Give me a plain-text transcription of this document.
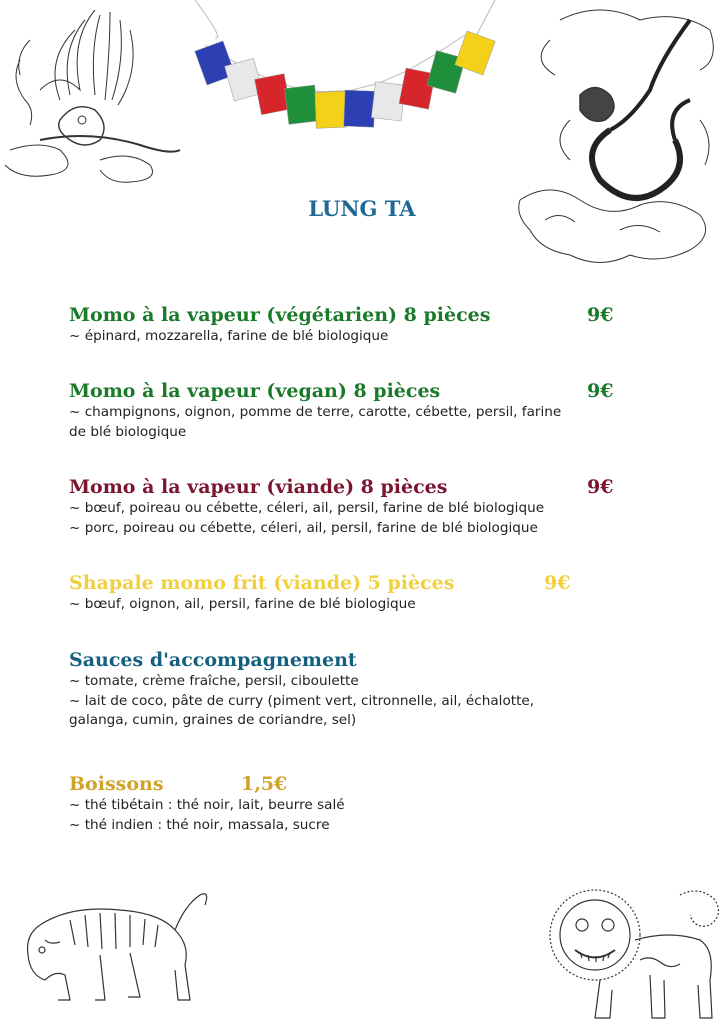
LUNG TA
Momo à la vapeur (végétarien) 8 pièces	9€

~ épinard, mozzarella, farine de blé biologique

Momo à la vapeur (vegan) 8 pièces	9€

~ champignons, oignon, pomme de terre, carotte, cébette, persil, farine
de blé biologique

Momo à la vapeur (viande) 8 pièces	9€

~ bœuf, poireau ou cébette, céleri, ail, persil, farine de blé biologique
~ porc, poireau ou cébette, céleri, ail, persil, farine de blé biologique

Shapale momo frit (viande) 5 pièces	9€

~ bœuf, oignon, ail, persil, farine de blé biologique

Sauces d'accompagnement

~ tomate, crème fraîche, persil, ciboulette
~ lait de coco, pâte de curry (piment vert, citronnelle, ail, échalotte,
galanga, cumin, graines de coriandre, sel)

Boissons	1,5€

~ thé tibétain : thé noir, lait, beurre salé
~ thé indien : thé noir, massala, sucre
